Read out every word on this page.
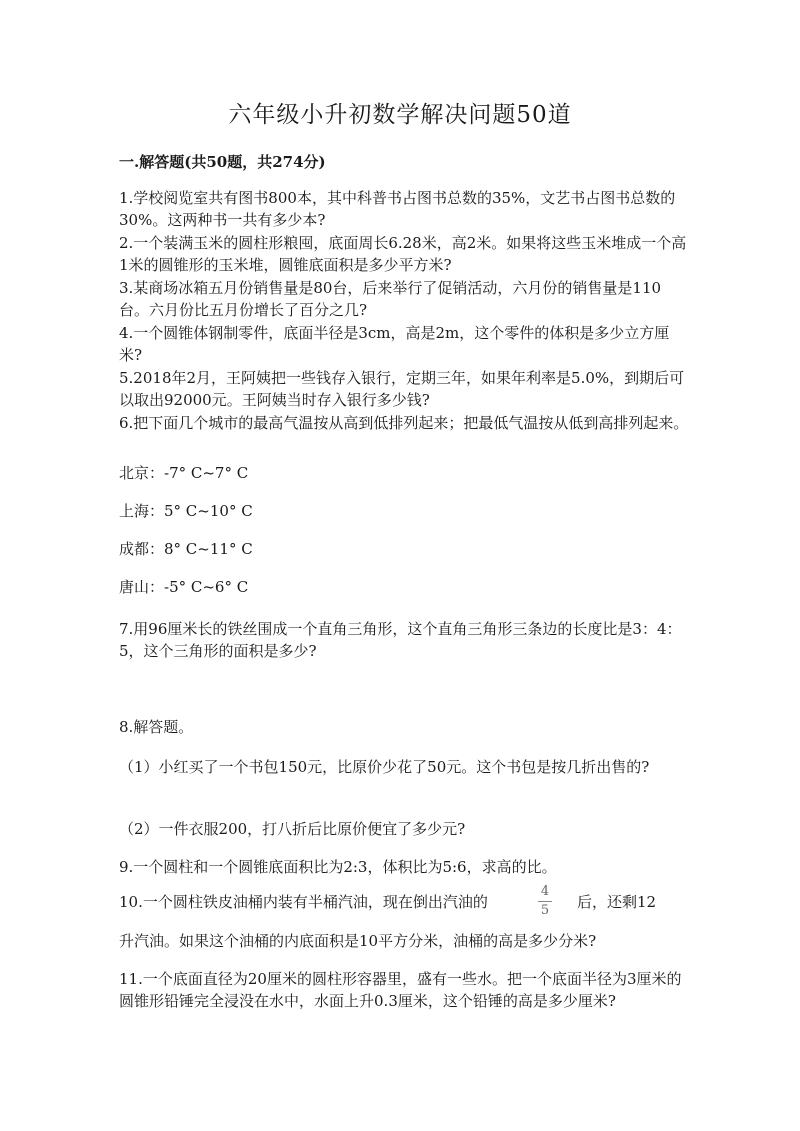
六年级小升初数学解决问题50道
一.解答题(共50题，共274分)
1.学校阅览室共有图书800本，其中科普书占图书总数的35%，文艺书占图书总数的30%。这两种书一共有多少本?
2.一个装满玉米的圆柱形粮囤，底面周长6.28米，高2米。如果将这些玉米堆成一个高1米的圆锥形的玉米堆，圆锥底面积是多少平方米?
3.某商场冰箱五月份销售量是80台，后来举行了促销活动，六月份的销售量是110台。六月份比五月份增长了百分之几?
4.一个圆锥体钢制零件，底面半径是3cm，高是2m，这个零件的体积是多少立方厘米?
5.2018年2月，王阿姨把一些钱存入银行，定期三年，如果年利率是5.0%，到期后可以取出92000元。王阿姨当时存入银行多少钱?
6.把下面几个城市的最高气温按从高到低排列起来；把最低气温按从低到高排列起来。
北京：-7° C~7° C
上海：5° C~10° C
成都：8° C~11° C
唐山：-5° C~6° C
7.用96厘米长的铁丝围成一个直角三角形，这个直角三角形三条边的长度比是3：4：5，这个三角形的面积是多少?
8.解答题。
（1）小红买了一个书包150元，比原价少花了50元。这个书包是按几折出售的?
（2）一件衣服200，打八折后比原价便宜了多少元?
9.一个圆柱和一个圆锥底面积比为2:3，体积比为5:6，求高的比。
10.一个圆柱铁皮油桶内装有半桶汽油，现在倒出汽油的	$\frac{4}{5}$ 后，还剩12
升汽油。如果这个油桶的内底面积是10平方分米，油桶的高是多少分米?
11.一个底面直径为20厘米的圆柱形容器里，盛有一些水。把一个底面半径为3厘米的圆锥形铅锤完全浸没在水中，水面上升0.3厘米，这个铅锤的高是多少厘米?
